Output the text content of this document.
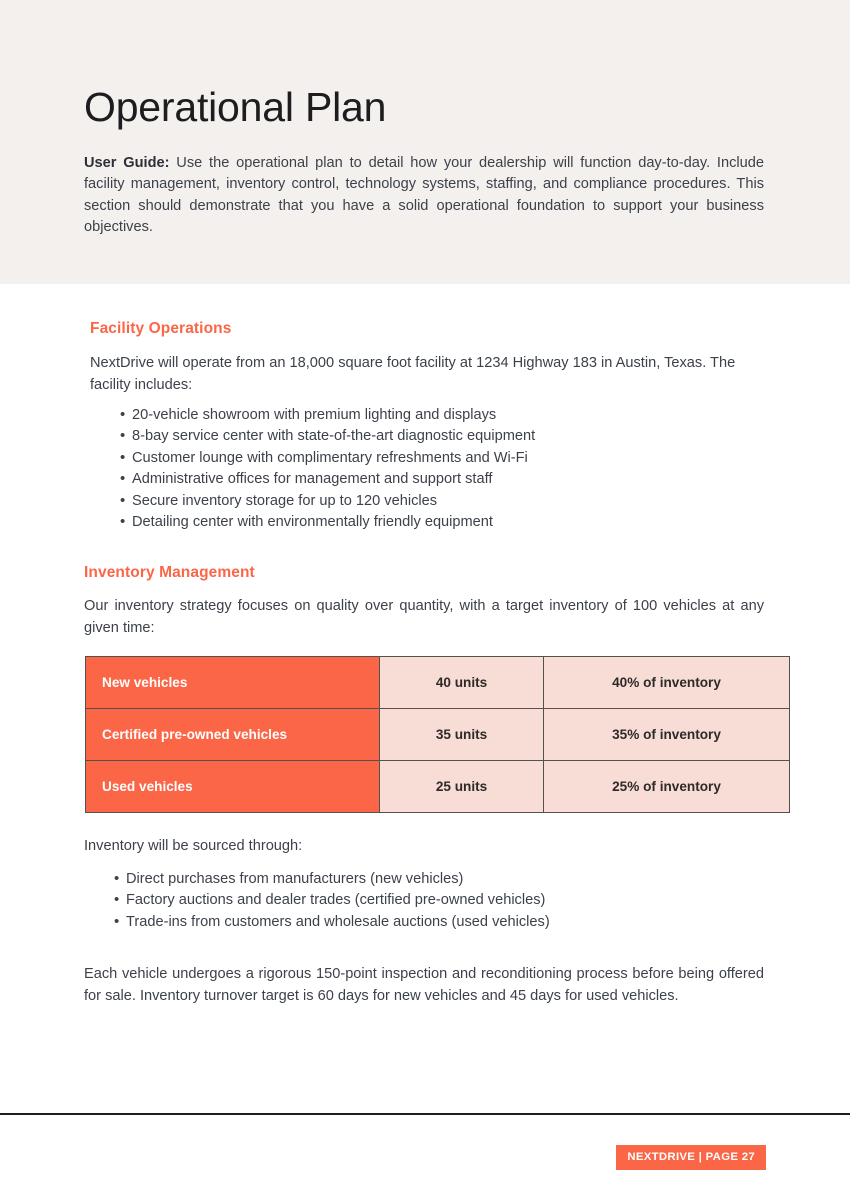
Operational Plan
User Guide: Use the operational plan to detail how your dealership will function day-to-day. Include facility management, inventory control, technology systems, staffing, and compliance procedures. This section should demonstrate that you have a solid operational foundation to support your business objectives.
Facility Operations
NextDrive will operate from an 18,000 square foot facility at 1234 Highway 183 in Austin, Texas. The facility includes:
• 20-vehicle showroom with premium lighting and displays
• 8-bay service center with state-of-the-art diagnostic equipment
• Customer lounge with complimentary refreshments and Wi-Fi
• Administrative offices for management and support staff
• Secure inventory storage for up to 120 vehicles
• Detailing center with environmentally friendly equipment
Inventory Management
Our inventory strategy focuses on quality over quantity, with a target inventory of 100 vehicles at any given time:
New vehicles	40 units	40% of inventory
Certified pre-owned vehicles	35 units	35% of inventory
Used vehicles	25 units	25% of inventory
Inventory will be sourced through:
• Direct purchases from manufacturers (new vehicles)
• Factory auctions and dealer trades (certified pre-owned vehicles)
• Trade-ins from customers and wholesale auctions (used vehicles)
Each vehicle undergoes a rigorous 150-point inspection and reconditioning process before being offered for sale. Inventory turnover target is 60 days for new vehicles and 45 days for used vehicles.
NEXTDRIVE | PAGE 27
